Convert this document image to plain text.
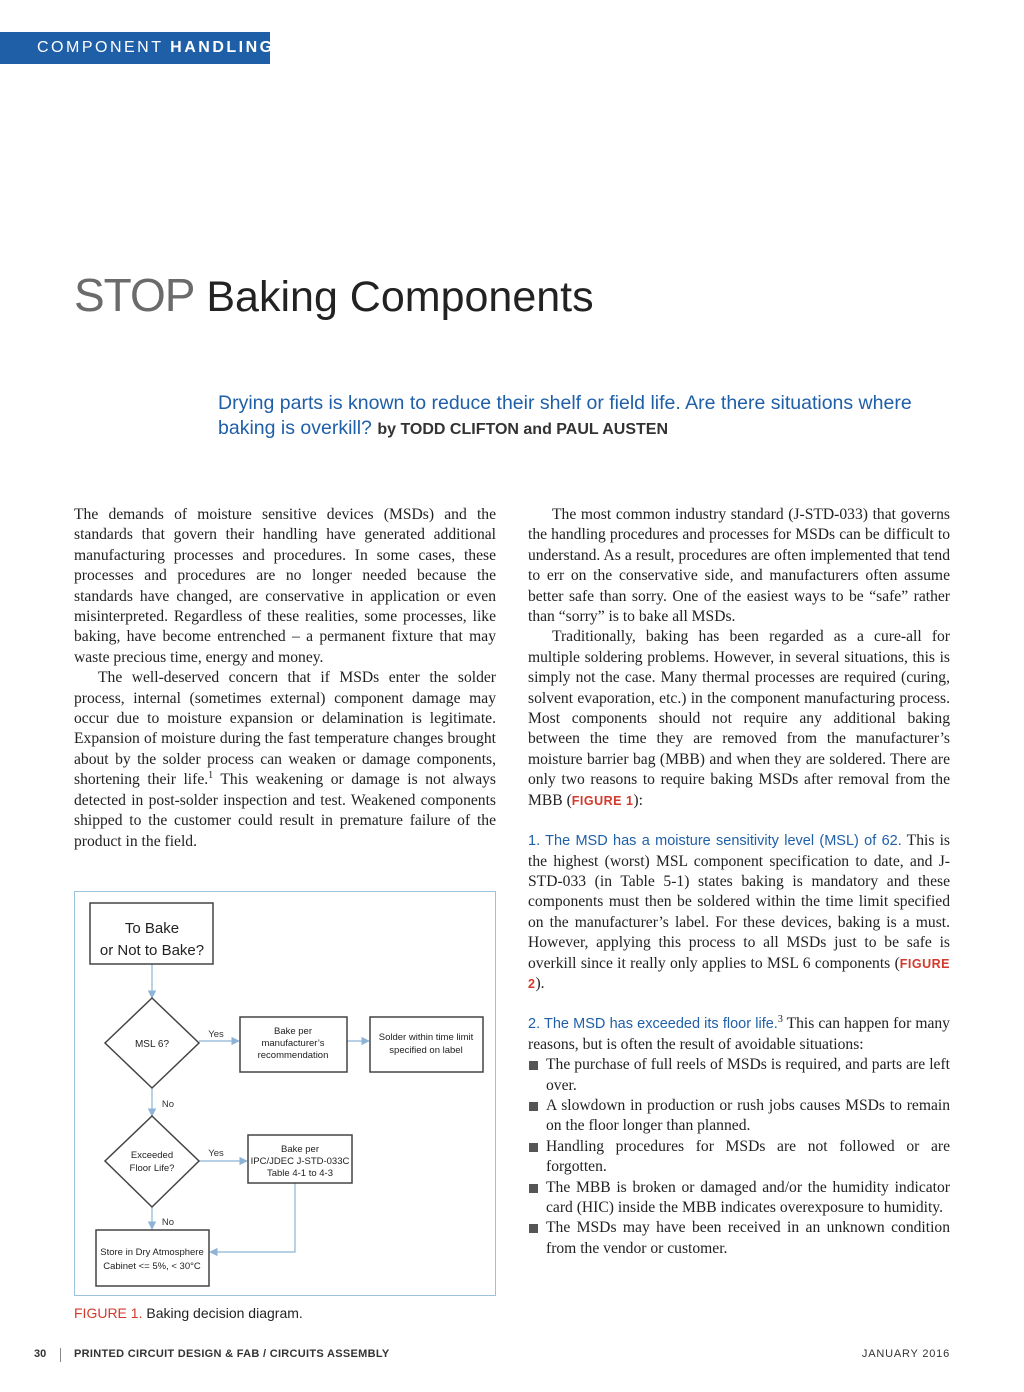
COMPONENT HANDLING
STOP Baking Components
Drying parts is known to reduce their shelf or field life. Are there situations where baking is overkill? by TODD CLIFTON and PAUL AUSTEN

The demands of moisture sensitive devices (MSDs) and the standards that govern their handling have generated additional manufacturing processes and procedures. In some cases, these processes and procedures are no longer needed because the standards have changed, are conservative in application or even misinterpreted. Regardless of these realities, some processes, like baking, have become entrenched – a permanent fixture that may waste precious time, energy and money.

The well-deserved concern that if MSDs enter the solder process, internal (sometimes external) component damage may occur due to moisture expansion or delamination is legitimate. Expansion of moisture during the fast temperature changes brought about by the solder process can weaken or damage components, shortening their life.$^1$ This weakening or damage is not always detected in post-solder inspection and test. Weakened components shipped to the customer could result in premature failure of the product in the field.

The most common industry standard (J-STD-033) that governs the handling procedures and processes for MSDs can be difficult to understand. As a result, procedures are often implemented that tend to err on the conservative side, and manufacturers often assume better safe than sorry. One of the easiest ways to be “safe” rather than “sorry” is to bake all MSDs.

Traditionally, baking has been regarded as a cure-all for multiple soldering problems. However, in several situations, this is simply not the case. Many thermal processes are required (curing, solvent evaporation, etc.) in the component manufacturing process. Most components should not require any additional baking between the time they are removed from the manufacturer’s moisture barrier bag (MBB) and when they are soldered. There are only two reasons to require baking MSDs after removal from the MBB (FIGURE 1):

1. The MSD has a moisture sensitivity level (MSL) of 62. This is the highest (worst) MSL component specification to date, and J-STD-033 (in Table 5-1) states baking is mandatory and these components must then be soldered within the time limit specified on the manufacturer’s label. For these devices, baking is a must. However, applying this process to all MSDs just to be safe is overkill since it really only applies to MSL 6 components (FIGURE 2).

2. The MSD has exceeded its floor life.$^3$ This can happen for many reasons, but is often the result of avoidable situations:

The purchase of full reels of MSDs is required, and parts are left over.
A slowdown in production or rush jobs causes MSDs to remain on the floor longer than planned.
Handling procedures for MSDs are not followed or are forgotten.
The MBB is broken or damaged and/or the humidity indicator card (HIC) inside the MBB indicates overexposure to humidity.
The MSDs may have been received in an unknown condition from the vendor or customer.
To Bake
or Not to Bake?
MSL 6?
Yes
No
Bake per
manufacturer’s
recommendation
Solder within time limit
specified on label
Exceeded
Floor Life?
Yes
No
Bake per
IPC/JDEC J-STD-033C
Table 4-1 to 4-3
Store in Dry Atmosphere
Cabinet <= 5%, < 30°C
FIGURE 1. Baking decision diagram.
30	PRINTED CIRCUIT DESIGN & FAB / CIRCUITS ASSEMBLY	JANUARY 2016
